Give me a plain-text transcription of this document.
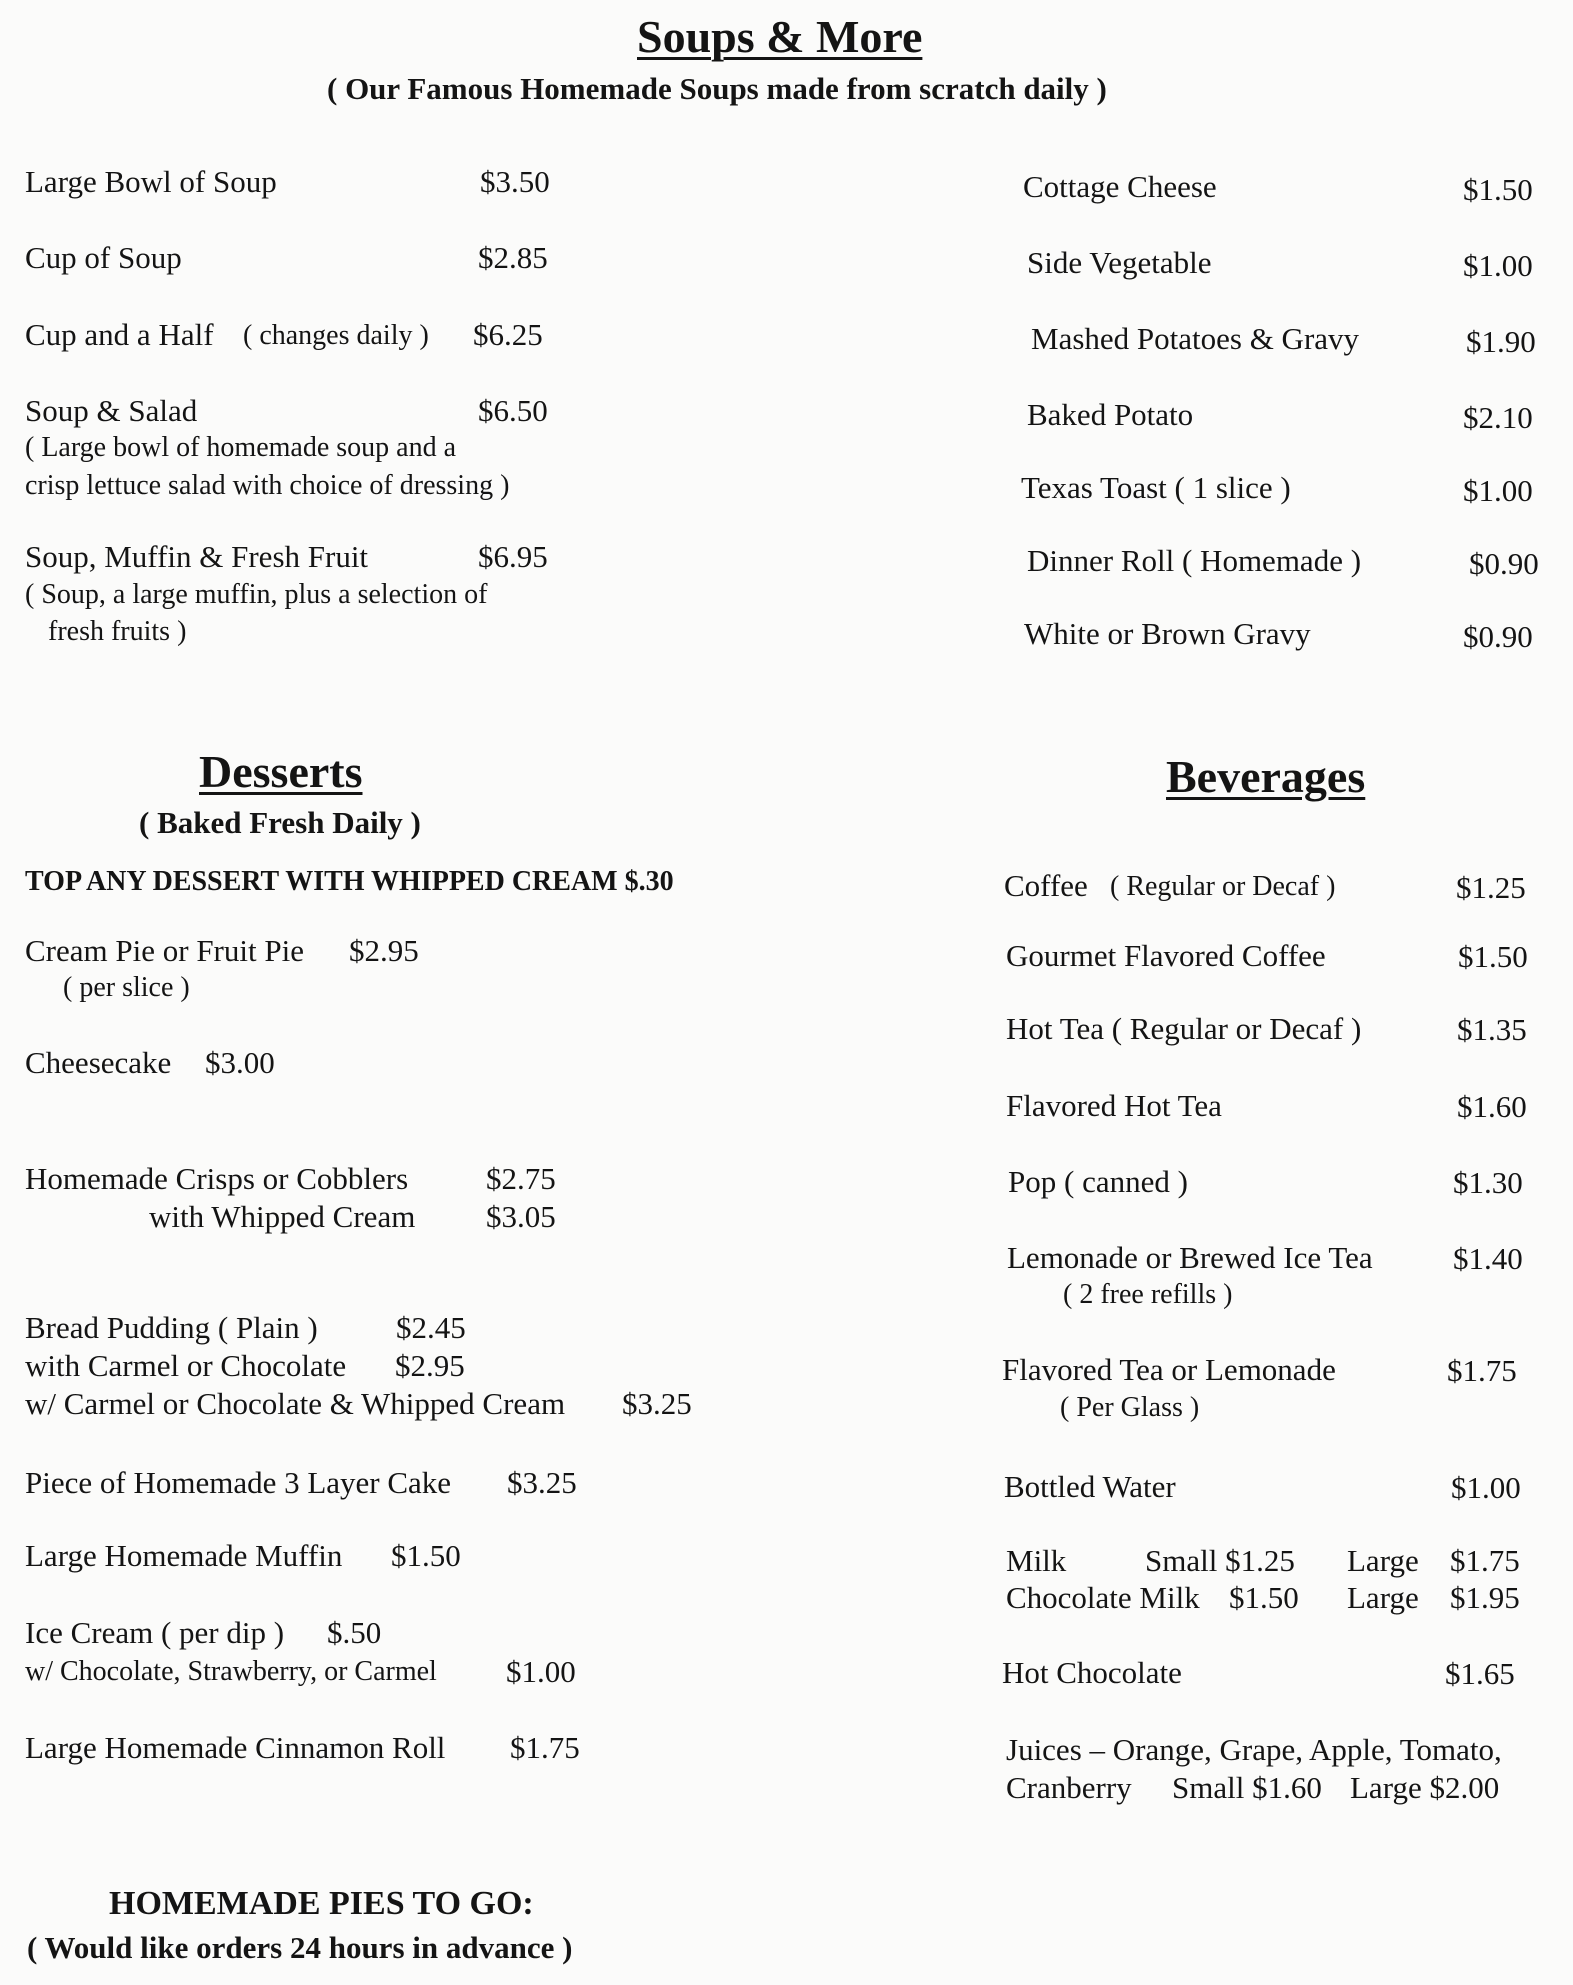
Soups & More
( Our Famous Homemade Soups made from scratch daily )
Large Bowl of Soup	$3.50
Cup of Soup	$2.85
Cup and a Half ( changes daily ) $6.25
Soup & Salad	$6.50
( Large bowl of homemade soup and a
crisp lettuce salad with choice of dressing )
Soup, Muffin & Fresh Fruit	$6.95
( Soup, a large muffin, plus a selection of
fresh fruits )
Cottage Cheese	$1.50
Side Vegetable	$1.00
Mashed Potatoes & Gravy	$1.90
Baked Potato	$2.10
Texas Toast ( 1 slice )	$1.00
Dinner Roll ( Homemade )	$0.90
White or Brown Gravy	$0.90
Desserts
( Baked Fresh Daily )
TOP ANY DESSERT WITH WHIPPED CREAM $.30
Cream Pie or Fruit Pie $2.95
( per slice )
Cheesecake $3.00
Homemade Crisps or Cobblers	$2.75
with Whipped Cream $3.05
Bread Pudding ( Plain )	$2.45
with Carmel or Chocolate $2.95
w/ Carmel or Chocolate & Whipped Cream $3.25
Piece of Homemade 3 Layer Cake $3.25
Large Homemade Muffin $1.50
Ice Cream ( per dip ) $.50
w/ Chocolate, Strawberry, or Carmel $1.00
Large Homemade Cinnamon Roll $1.75
Beverages
Coffee ( Regular or Decaf )	$1.25
Gourmet Flavored Coffee	$1.50
Hot Tea ( Regular or Decaf )	$1.35
Flavored Hot Tea	$1.60
Pop ( canned )	$1.30
Lemonade or Brewed Ice Tea	$1.40
( 2 free refills )
Flavored Tea or Lemonade	$1.75
( Per Glass )
Bottled Water	$1.00
Milk	Small $1.25 Large $1.75
Chocolate Milk $1.50 Large $1.95
Hot Chocolate	$1.65
Juices – Orange, Grape, Apple, Tomato,
Cranberry Small $1.60 Large $2.00
HOMEMADE PIES TO GO:
( Would like orders 24 hours in advance )
